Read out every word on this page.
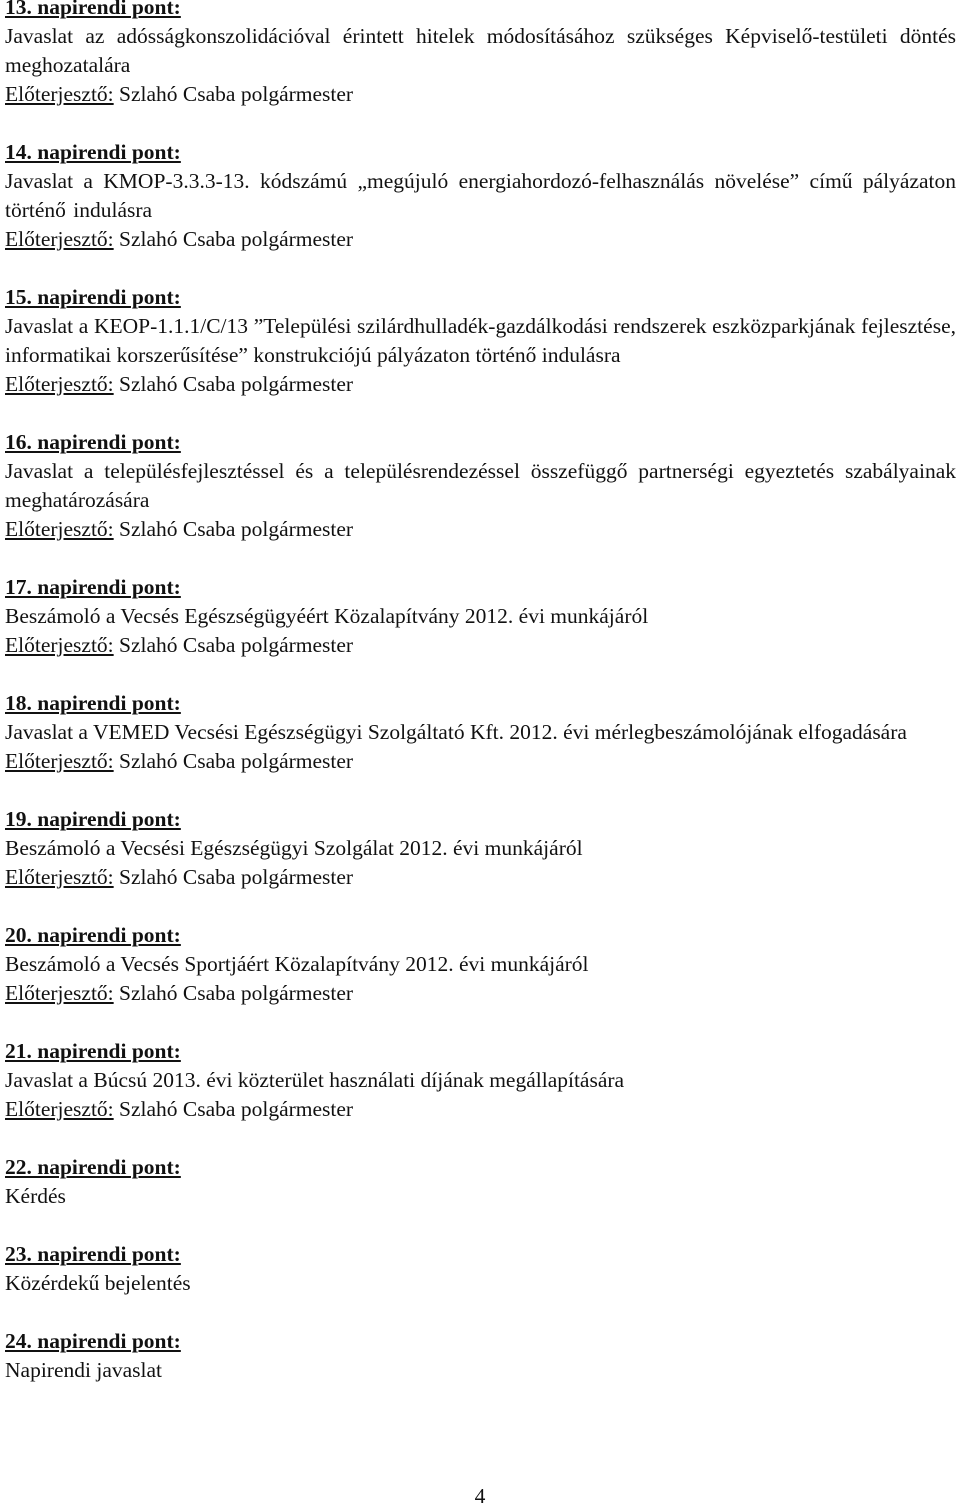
13. napirendi pont:
Javaslat az adósságkonszolidációval érintett hitelek módosításához szükséges Képviselő-testületi döntés meghozatalára
Előterjesztő: Szlahó Csaba polgármester
14. napirendi pont:
Javaslat a KMOP-3.3.3-13. kódszámú „megújuló energiahordozó-felhasználás növelése” című pályázaton történő indulásra
Előterjesztő: Szlahó Csaba polgármester
15. napirendi pont:
Javaslat a KEOP-1.1.1/C/13 ”Települési szilárdhulladék-gazdálkodási rendszerek eszközparkjának fejlesztése, informatikai korszerűsítése” konstrukciójú pályázaton történő indulásra
Előterjesztő: Szlahó Csaba polgármester
16. napirendi pont:
Javaslat a településfejlesztéssel és a településrendezéssel összefüggő partnerségi egyeztetés szabályainak meghatározására
Előterjesztő: Szlahó Csaba polgármester
17. napirendi pont:
Beszámoló a Vecsés Egészségügyéért Közalapítvány 2012. évi munkájáról
Előterjesztő: Szlahó Csaba polgármester
18. napirendi pont:
Javaslat a VEMED Vecsési Egészségügyi Szolgáltató Kft. 2012. évi mérlegbeszámolójának elfogadására
Előterjesztő: Szlahó Csaba polgármester
19. napirendi pont:
Beszámoló a Vecsési Egészségügyi Szolgálat 2012. évi munkájáról
Előterjesztő: Szlahó Csaba polgármester
20. napirendi pont:
Beszámoló a Vecsés Sportjáért Közalapítvány 2012. évi munkájáról
Előterjesztő: Szlahó Csaba polgármester
21. napirendi pont:
Javaslat a Búcsú 2013. évi közterület használati díjának megállapítására
Előterjesztő: Szlahó Csaba polgármester
22. napirendi pont:
Kérdés
23. napirendi pont:
Közérdekű bejelentés
24. napirendi pont:
Napirendi javaslat
4
